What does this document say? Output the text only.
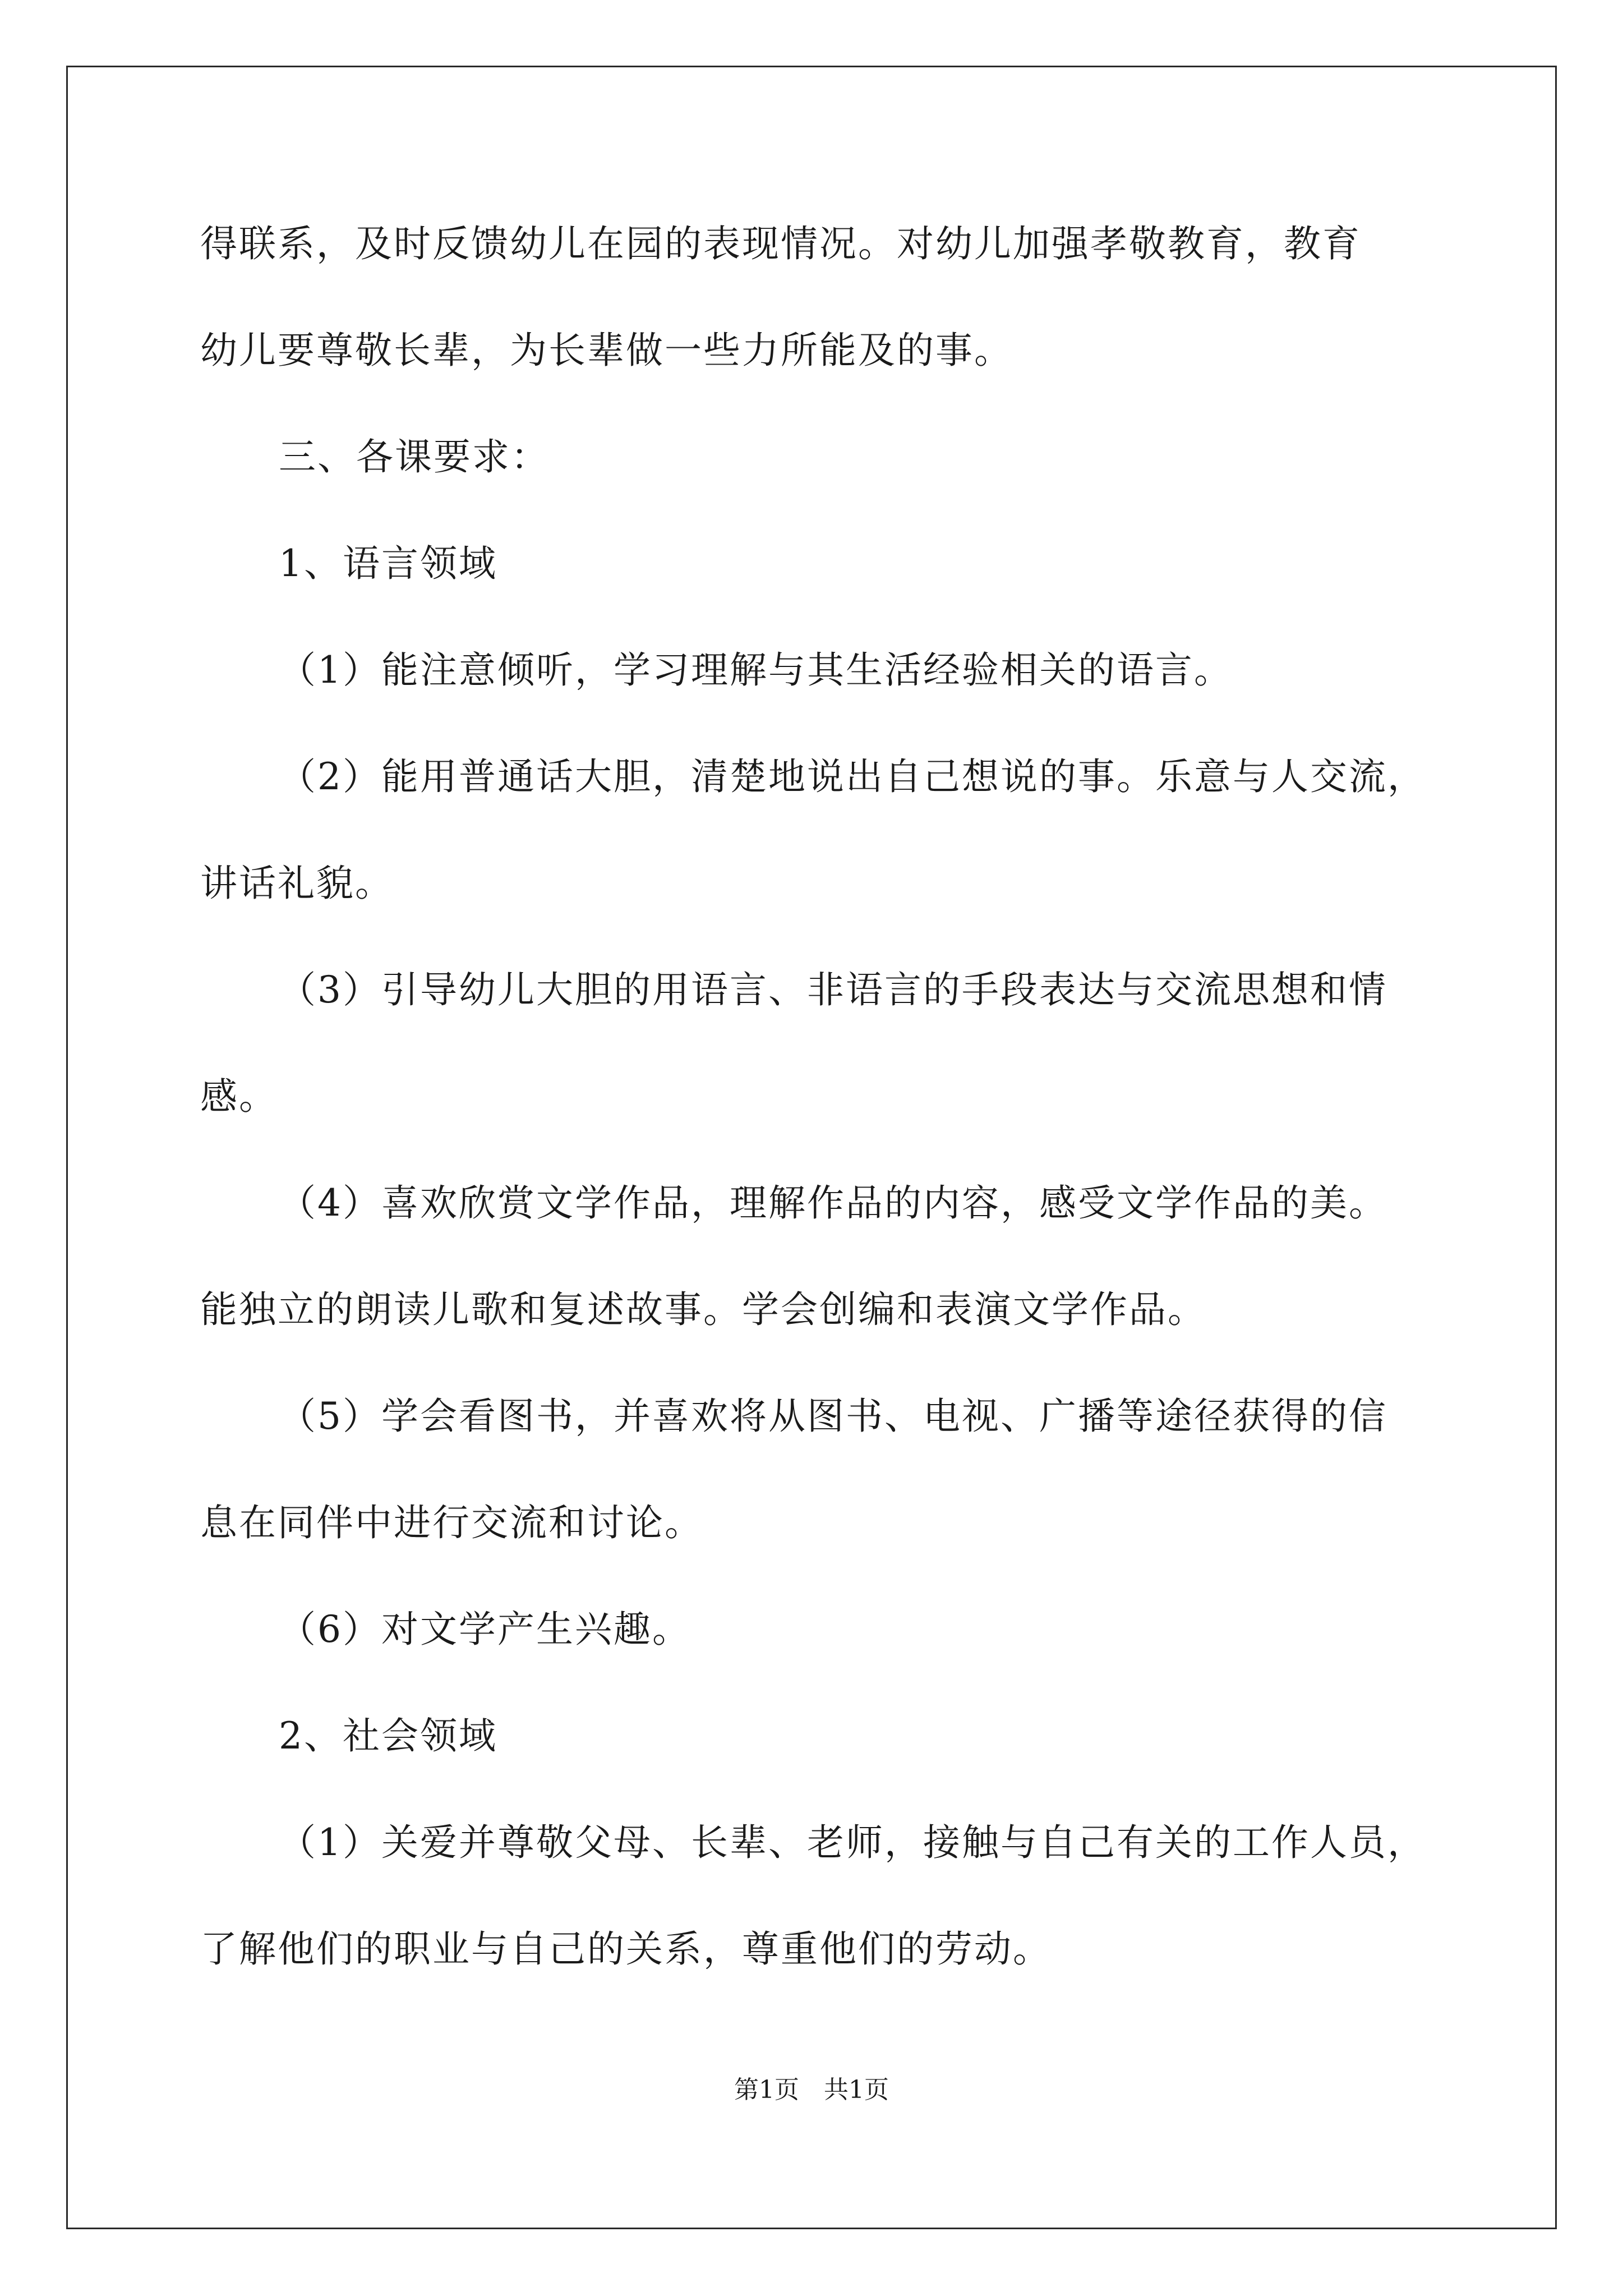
得联系，及时反馈幼儿在园的表现情况。对幼儿加强孝敬教育，教育
幼儿要尊敬长辈，为长辈做一些力所能及的事。
三、各课要求：
1、语言领域
（1）能注意倾听，学习理解与其生活经验相关的语言。
（2）能用普通话大胆，清楚地说出自己想说的事。乐意与人交流，
讲话礼貌。
（3）引导幼儿大胆的用语言、非语言的手段表达与交流思想和情
感。
（4）喜欢欣赏文学作品，理解作品的内容，感受文学作品的美。
能独立的朗读儿歌和复述故事。学会创编和表演文学作品。
（5）学会看图书，并喜欢将从图书、电视、广播等途径获得的信
息在同伴中进行交流和讨论。
（6）对文学产生兴趣。
2、社会领域
（1）关爱并尊敬父母、长辈、老师，接触与自己有关的工作人员，
了解他们的职业与自己的关系，尊重他们的劳动。
第1页　共1页
